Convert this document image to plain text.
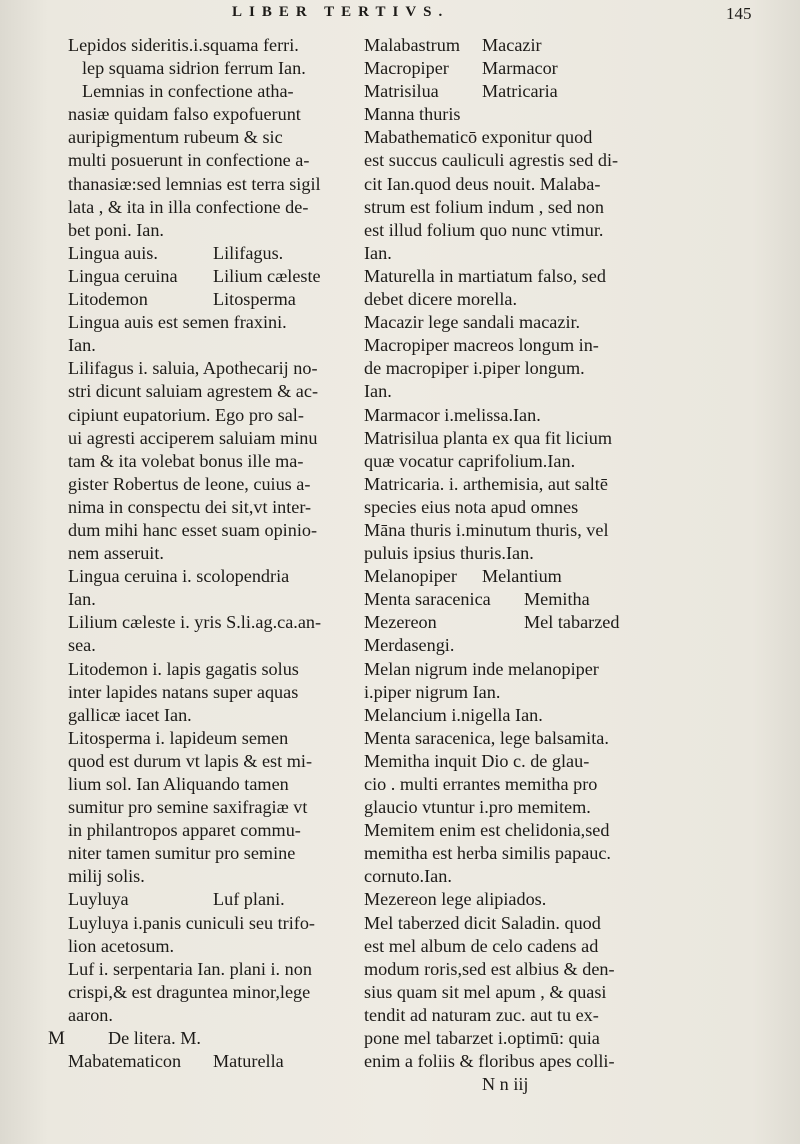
LIBER TERTIVS.	145
Lepidos sideritis.i.squama ferri.
lep squama sidrion ferrum Ian.
Lemnias in confectione atha-
nasiæ quidam falso expofuerunt
auripigmentum rubeum & sic
multi posuerunt in confectione a-
thanasiæ:sed lemnias est terra sigil
lata , & ita in illa confectione de-
bet poni. Ian.
Lingua auis.	Lilifagus.
Lingua ceruina	Lilium cæleste
Litodemon	Litosperma
Lingua auis est semen fraxini.
Ian.
Lilifagus i. saluia, Apothecarij no-
stri dicunt saluiam agrestem & ac-
cipiunt eupatorium. Ego pro sal-
ui agresti acciperem saluiam minu
tam & ita volebat bonus ille ma-
gister Robertus de leone, cuius a-
nima in conspectu dei sit,vt inter-
dum mihi hanc esset suam opinio-
nem asseruit.
Lingua ceruina i. scolopendria
Ian.
Lilium cæleste i. yris S.li.ag.ca.an-
sea.
Litodemon i. lapis gagatis solus
inter lapides natans super aquas
gallicæ iacet Ian.
Litosperma i. lapideum semen
quod est durum vt lapis & est mi-
lium sol. Ian Aliquando tamen
sumitur pro semine saxifragiæ vt
in philantropos apparet commu-
niter tamen sumitur pro semine
milij solis.
Luyluya	Luf plani.
Luyluya i.panis cuniculi seu trifo-
lion acetosum.
Luf i. serpentaria Ian. plani i. non
crispi,& est draguntea minor,lege
aaron.
M De litera. M.
Mabatematicon	Maturella
Malabastrum	Macazir
Macropiper	Marmacor
Matrisilua	Matricaria
Manna thuris
Mabathematicō exponitur quod
est succus cauliculi agrestis sed di-
cit Ian.quod deus nouit. Malaba-
strum est folium indum , sed non
est illud folium quo nunc vtimur.
Ian.
Maturella in martiatum falso, sed
debet dicere morella.
Macazir lege sandali macazir.
Macropiper macreos longum in-
de macropiper i.piper longum.
Ian.
Marmacor i.melissa.Ian.
Matrisilua planta ex qua fit licium
quæ vocatur caprifolium.Ian.
Matricaria. i. arthemisia, aut saltē
species eius nota apud omnes
Māna thuris i.minutum thuris, vel
puluis ipsius thuris.Ian.
Melanopiper	Melantium
Menta saracenica	Memitha
Mezereon	Mel tabarzed
Merdasengi.
Melan nigrum inde melanopiper
i.piper nigrum Ian.
Melancium i.nigella Ian.
Menta saracenica, lege balsamita.
Memitha inquit Dio c. de glau-
cio . multi errantes memitha pro
glaucio vtuntur i.pro memitem.
Memitem enim est chelidonia,sed
memitha est herba similis papauc.
cornuto.Ian.
Mezereon lege alipiados.
Mel taberzed dicit Saladin. quod
est mel album de celo cadens ad
modum roris,sed est albius & den-
sius quam sit mel apum , & quasi
tendit ad naturam zuc. aut tu ex-
pone mel tabarzet i.optimū: quia
enim a foliis & floribus apes colli-
N n iij
